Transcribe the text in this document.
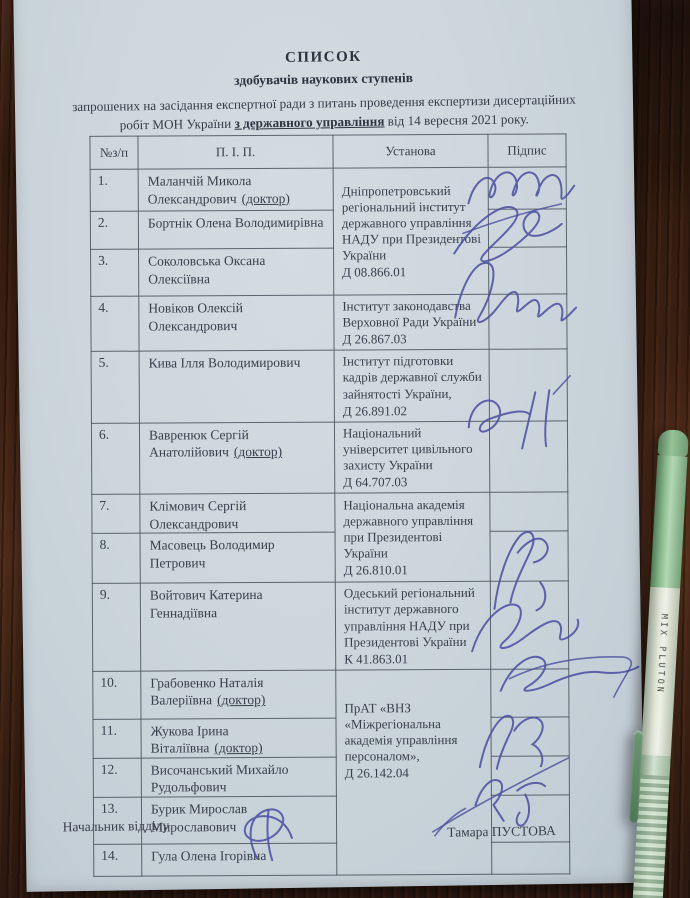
СПИСОК
здобувачів наукових ступенів
запрошених на засідання експертної ради з питань проведення експертизи дисертаційних
робіт МОН України з державного управління від 14 вересня 2021 року.
№з/п	П. І. П.	Установа	Підпис
1.	Маланчій Микола Олександрович (доктор)	Дніпропетровський регіональний інститут державного управління НАДУ при Президентові України
Д 08.866.01	

2.	Бортнік Олена Володимирівна		
3.	Соколовська Оксана Олексіївна		
4.	Новіков Олексій Олександрович	Інститут законодавства Верховної Ради України
Д 26.867.03	

5.	Кива Ілля Володимирович	Інститут підготовки кадрів державної служби зайнятості України,
Д 26.891.02	

6.	Вавренюк Сергій Анатолійович (доктор)	Національний університет цивільного захисту України
Д 64.707.03	

7.	Клімович Сергій Олександрович	Національна академія державного управління при Президентові України
Д 26.810.01	

8.	Масовець Володимир Петрович		
9.	Войтович Катерина Геннадіївна	Одеський регіональний інститут державного управління НАДУ при Президентові України
К 41.863.01	

10.	Грабовенко Наталія Валеріївна (доктор)	ПрАТ «ВНЗ «Міжрегіональна академія управління персоналом»,
Д 26.142.04	

11.	Жукова Ірина Віталіївна (доктор)		
12.	Височанський Михайло Рудольфович		
13.	Бурик Мирослав Мирославович		
14.	Гула Олена Ігорівна		
Начальник відділу	Тамара ПУСТОВА
MIX PLUTON
